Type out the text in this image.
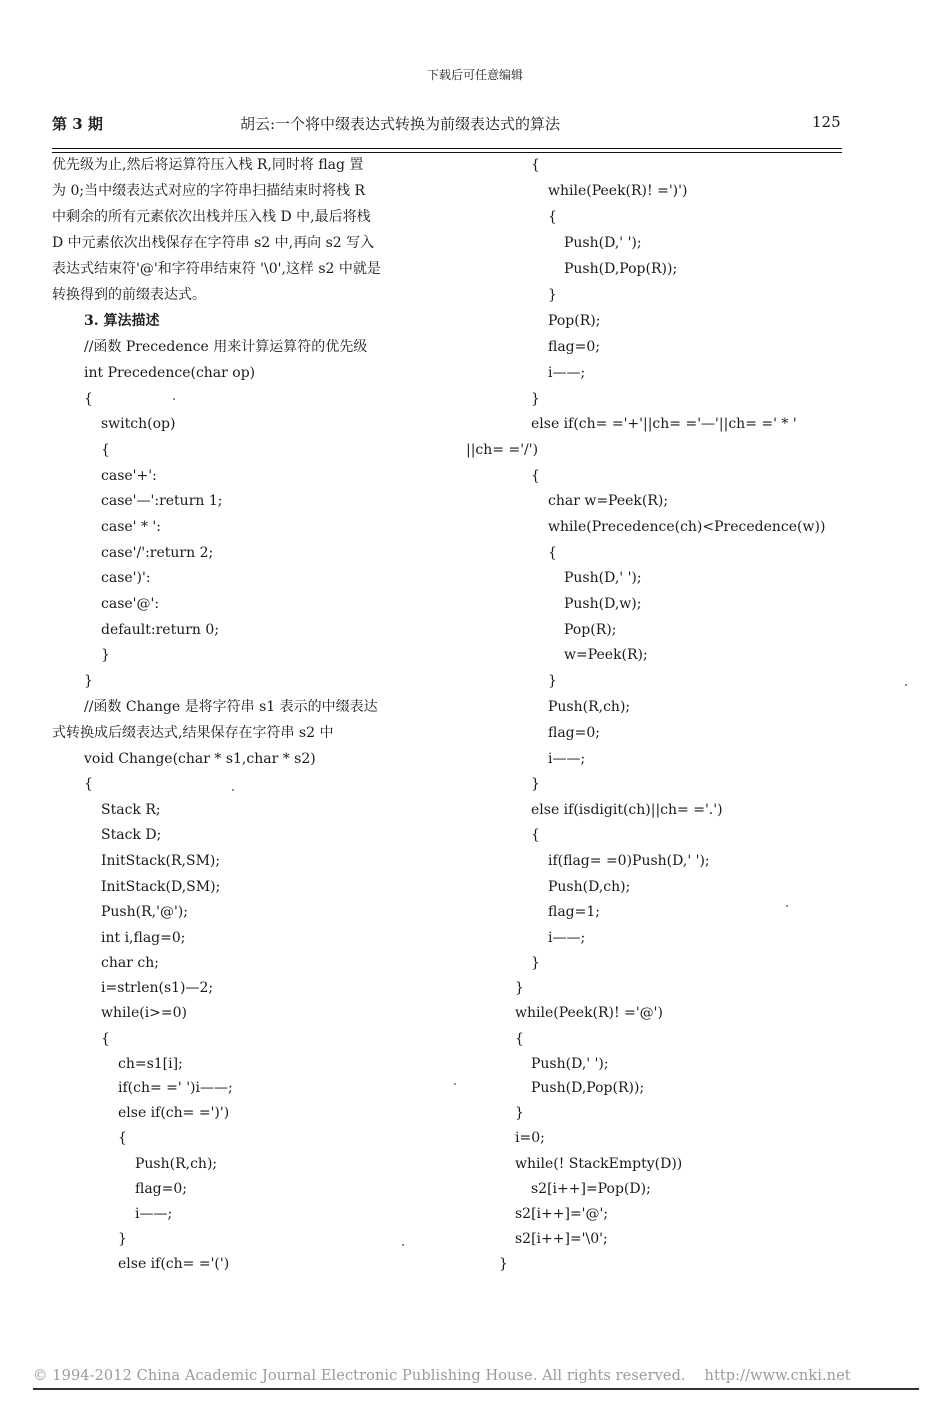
下载后可任意编辑
第 3 期	胡云:一个将中缀表达式转换为前缀表达式的算法	125
优先级为止,然后将运算符压入栈 R,同时将 flag 置
为 0;当中缀表达式对应的字符串扫描结束时将栈 R
中剩余的所有元素依次出栈并压入栈 D 中,最后将栈
D 中元素依次出栈保存在字符串 s2 中,再向 s2 写入
表达式结束符'@'和字符串结束符 '\0',这样 s2 中就是
转换得到的前缀表达式。
3. 算法描述
//函数 Precedence 用来计算运算符的优先级
int Precedence(char op)
{
switch(op)
{
case'+':
case'—':return 1;
case' * ':
case'/':return 2;
case')':
case'@':
default:return 0;
}
}
//函数 Change 是将字符串 s1 表示的中缀表达
式转换成后缀表达式,结果保存在字符串 s2 中
void Change(char * s1,char * s2)
{
Stack R;
Stack D;
InitStack(R,SM);
InitStack(D,SM);
Push(R,'@');
int i,flag=0;
char ch;
i=strlen(s1)—2;
while(i>=0)
{
ch=s1[i];
if(ch= =' ')i——;
else if(ch= =')')
{
Push(R,ch);
flag=0;
i——;
}
else if(ch= ='(')
{
while(Peek(R)! =')')
{
Push(D,' ');
Push(D,Pop(R));
}
Pop(R);
flag=0;
i——;
}
else if(ch= ='+'||ch= ='—'||ch= =' * '
||ch= ='/')
{
char w=Peek(R);
while(Precedence(ch)<Precedence(w))
{
Push(D,' ');
Push(D,w);
Pop(R);
w=Peek(R);
}
Push(R,ch);
flag=0;
i——;
}
else if(isdigit(ch)||ch= ='.')
{
if(flag= =0)Push(D,' ');
Push(D,ch);
flag=1;
i——;
}
}
while(Peek(R)! ='@')
{
Push(D,' ');
Push(D,Pop(R));
}
i=0;
while(! StackEmpty(D))
s2[i++]=Pop(D);
s2[i++]='@';
s2[i++]='\0';
}
© 1994-2012 China Academic Journal Electronic Publishing House. All rights reserved.    http://www.cnki.net
